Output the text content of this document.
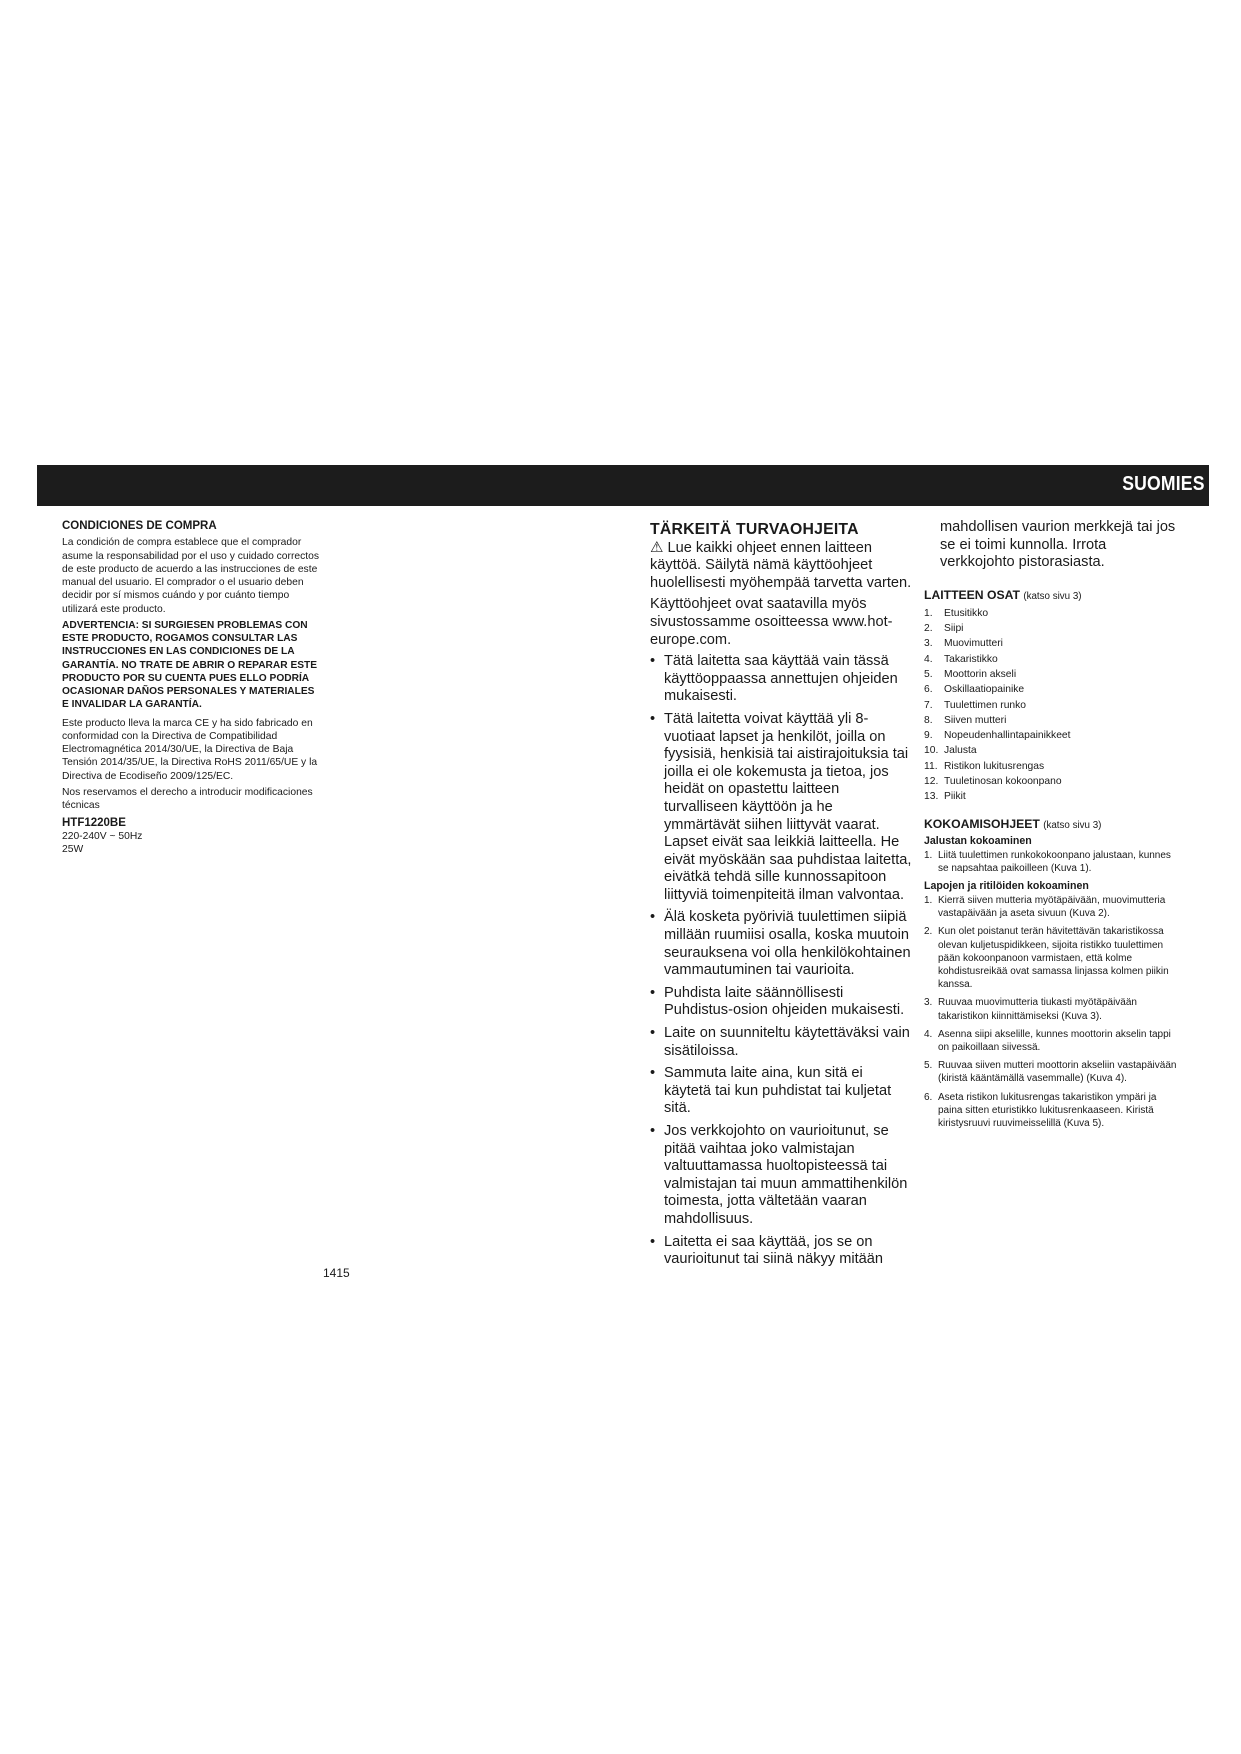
SUOMIES
CONDICIONES DE COMPRA

La condición de compra establece que el comprador asume la responsabilidad por el uso y cuidado correctos de este producto de acuerdo a las instrucciones de este manual del usuario. El comprador o el usuario deben decidir por sí mismos cuándo y por cuánto tiempo utilizará este producto.

ADVERTENCIA: SI SURGIESEN PROBLEMAS CON ESTE PRODUCTO, ROGAMOS CONSULTAR LAS INSTRUCCIONES EN LAS CONDICIONES DE LA GARANTÍA. NO TRATE DE ABRIR O REPARAR ESTE PRODUCTO POR SU CUENTA PUES ELLO PODRÍA OCASIONAR DAÑOS PERSONALES Y MATERIALES E INVALIDAR LA GARANTÍA.

Este producto lleva la marca CE y ha sido fabricado en conformidad con la Directiva de Compatibilidad Electromagnética 2014/30/UE, la Directiva de Baja Tensión 2014/35/UE, la Directiva RoHS 2011/65/UE y la Directiva de Ecodiseño 2009/125/EC.

Nos reservamos el derecho a introducir modificaciones técnicas

HTF1220BE
220-240V ~ 50Hz
25W
1415
TÄRKEITÄ TURVAOHJEITA

⚠ Lue kaikki ohjeet ennen laitteen käyttöä. Säilytä nämä käyttöohjeet huolellisesti myöhempää tarvetta varten.

Käyttöohjeet ovat saatavilla myös sivustossamme osoitteessa www.hot-europe.com.

• Tätä laitetta saa käyttää vain tässä käyttöoppaassa annettujen ohjeiden mukaisesti.
• Tätä laitetta voivat käyttää yli 8-vuotiaat lapset ja henkilöt, joilla on fyysisiä, henkisiä tai aistirajoituksia tai joilla ei ole kokemusta ja tietoa, jos heidät on opastettu laitteen turvalliseen käyttöön ja he ymmärtävät siihen liittyvät vaarat. Lapset eivät saa leikkiä laitteella. He eivät myöskään saa puhdistaa laitetta, eivätkä tehdä sille kunnossapitoon liittyviä toimenpiteitä ilman valvontaa.
• Älä kosketa pyöriviä tuulettimen siipiä millään ruumiisi osalla, koska muutoin seurauksena voi olla henkilökohtainen vammautuminen tai vaurioita.
• Puhdista laite säännöllisesti Puhdistus-osion ohjeiden mukaisesti.
• Laite on suunniteltu käytettäväksi vain sisätiloissa.
• Sammuta laite aina, kun sitä ei käytetä tai kun puhdistat tai kuljetat sitä.
• Jos verkkojohto on vaurioitunut, se pitää vaihtaa joko valmistajan valtuuttamassa huoltopisteessä tai valmistajan tai muun ammattihenkilön toimesta, jotta vältetään vaaran mahdollisuus.
• Laitetta ei saa käyttää, jos se on vaurioitunut tai siinä näkyy mitään

mahdollisen vaurion merkkejä tai jos se ei toimi kunnolla. Irrota verkkojohto pistorasiasta.

LAITTEEN OSAT (katso sivu 3)
1. Etusitikko
2. Siipi
3. Muovimutteri
4. Takaristikko
5. Moottorin akseli
6. Oskillaatiopainike
7. Tuulettimen runko
8. Siiven mutteri
9. Nopeudenhallintapainikkeet
10. Jalusta
11. Ristikon lukitusrengas
12. Tuuletinosan kokoonpano
13. Piikit
KOKOAMISOHJEET (katso sivu 3)
Jalustan kokoaminen
1. Liitä tuulettimen runkokokoonpano jalustaan, kunnes se napsahtaa paikoilleen (Kuva 1).
Lapojen ja ritilöiden kokoaminen
1. Kierrä siiven mutteria myötäpäivään, muovimutteria vastapäivään ja aseta sivuun (Kuva 2).
2. Kun olet poistanut terän hävitettävän takaristikossa olevan kuljetuspidikkeen, sijoita ristikko tuulettimen pään kokoonpanoon varmistaen, että kolme kohdistusreikää ovat samassa linjassa kolmen piikin kanssa.
3. Ruuvaa muovimutteria tiukasti myötäpäivään takaristikon kiinnittämiseksi (Kuva 3).
4. Asenna siipi akselille, kunnes moottorin akselin tappi on paikoillaan siivessä.
5. Ruuvaa siiven mutteri moottorin akseliin vastapäivään (kiristä kääntämällä vasemmalle) (Kuva 4).
6. Aseta ristikon lukitusrengas takaristikon ympäri ja paina sitten eturistikko lukitusrenkaaseen. Kiristä kiristysruuvi ruuvimeisselillä (Kuva 5).
